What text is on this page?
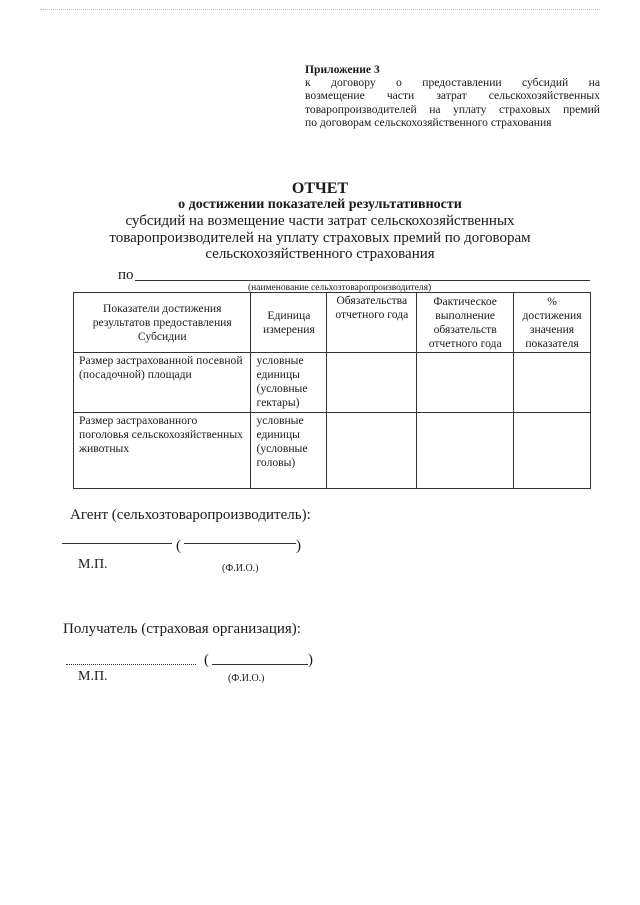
Приложение 3
к договору о предоставлении субсидий на
возмещение части затрат сельскохозяйственных
товаропроизводителей на уплату страховых премий
по договорам сельскохозяйственного страхования
ОТЧЕТ
о достижении показателей результативности
субсидий на возмещение части затрат сельскохозяйственных
товаропроизводителей на уплату страховых премий по договорам
сельскохозяйственного страхования
по
(наименование сельхозтоваропроизводителя)
Показатели достижения результатов предоставления Субсидии	Единица измерения	Обязательства отчетного года	Фактическое выполнение обязательств отчетного года	% достижения значения показателя
Размер застрахованной посевной (посадочной) площади	условные единицы (условные гектары)			
Размер застрахованного поголовья сельскохозяйственных животных	условные единицы (условные головы)			
Агент (сельхозтоваропроизводитель):
(	)
М.П.	(Ф.И.О.)
Получатель (страховая организация):
(	)
М.П.	(Ф.И.О.)
